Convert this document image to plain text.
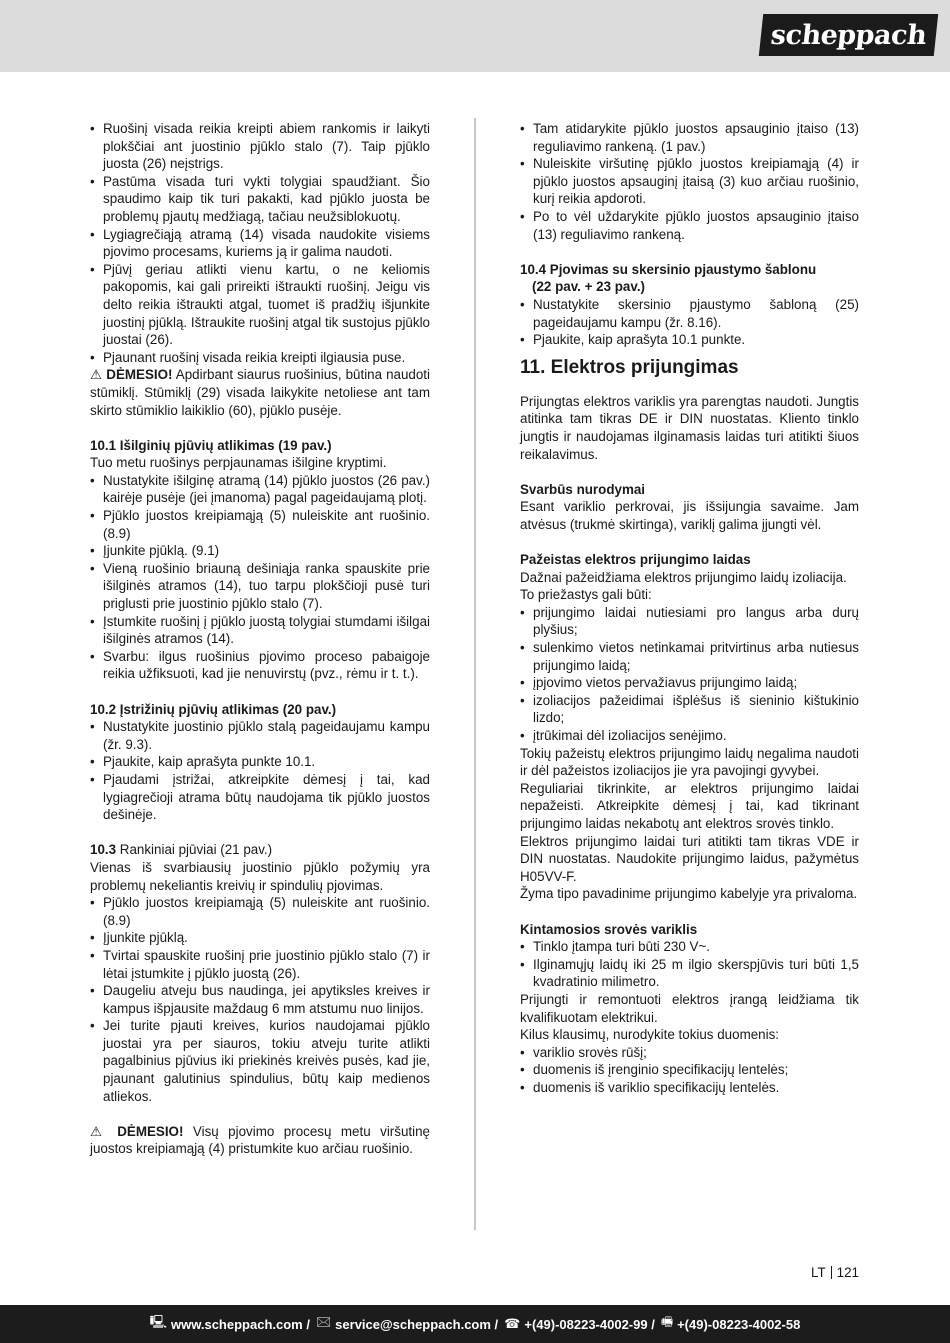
scheppach
• Ruošinį visada reikia kreipti abiem rankomis ir laikyti plokščiai ant juostinio pjūklo stalo (7). Taip pjūklo juosta (26) neįstrigs.
• Pastūma visada turi vykti tolygiai spaudžiant. Šio spaudimo kaip tik turi pakakti, kad pjūklo juosta be problemų pjautų medžiagą, tačiau neužsiblokuotų.
• Lygiagrečiąją atramą (14) visada naudokite visiems pjovimo procesams, kuriems ją ir galima naudoti.
• Pjūvį geriau atlikti vienu kartu, o ne keliomis pakopomis, kai gali prireikti ištraukti ruošinį. Jeigu vis delto reikia ištraukti atgal, tuomet iš pradžių išjunkite juostinį pjūklą. Ištraukite ruošinį atgal tik sustojus pjūklo juostai (26).
• Pjaunant ruošinį visada reikia kreipti ilgiausia puse.

⚠ DĖMESIO! Apdirbant siaurus ruošinius, būtina naudoti stūmiklį. Stūmiklį (29) visada laikykite netoliese ant tam skirto stūmiklio laikiklio (60), pjūklo pusėje.

10.1 Išilginių pjūvių atlikimas (19 pav.)

Tuo metu ruošinys perpjaunamas išilgine kryptimi.

• Nustatykite išilginę atramą (14) pjūklo juostos (26 pav.) kairėje pusėje (jei įmanoma) pagal pageidaujamą plotį.
• Pjūklo juostos kreipiamąją (5) nuleiskite ant ruošinio. (8.9)
• Įjunkite pjūklą. (9.1)
• Vieną ruošinio briauną dešiniąja ranka spauskite prie išilginės atramos (14), tuo tarpu plokščioji pusė turi priglusti prie juostinio pjūklo stalo (7).
• Įstumkite ruošinį į pjūklo juostą tolygiai stumdami išilgai išilginės atramos (14).
• Svarbu: ilgus ruošinius pjovimo proceso pabaigoje reikia užfiksuoti, kad jie nenuvirstų (pvz., rėmu ir t. t.).

10.2 Įstrižinių pjūvių atlikimas (20 pav.)

• Nustatykite juostinio pjūklo stalą pageidaujamu kampu (žr. 9.3).
• Pjaukite, kaip aprašyta punkte 10.1.
• Pjaudami įstrižai, atkreipkite dėmesį į tai, kad lygiagrečioji atrama būtų naudojama tik pjūklo juostos dešinėje.

10.3 Rankiniai pjūviai (21 pav.)

Vienas iš svarbiausių juostinio pjūklo požymių yra problemų nekeliantis kreivių ir spindulių pjovimas.

• Pjūklo juostos kreipiamąją (5) nuleiskite ant ruošinio. (8.9)
• Įjunkite pjūklą.
• Tvirtai spauskite ruošinį prie juostinio pjūklo stalo (7) ir lėtai įstumkite į pjūklo juostą (26).
• Daugeliu atveju bus naudinga, jei apytiksles kreives ir kampus išpjausite maždaug 6 mm atstumu nuo linijos.
• Jei turite pjauti kreives, kurios naudojamai pjūklo juostai yra per siauros, tokiu atveju turite atlikti pagalbinius pjūvius iki priekinės kreivės pusės, kad jie, pjaunant galutinius spindulius, būtų kaip medienos atliekos.

⚠ DĖMESIO! Visų pjovimo procesų metu viršutinę juostos kreipiamąją (4) pristumkite kuo arčiau ruošinio.

• Tam atidarykite pjūklo juostos apsauginio įtaiso (13) reguliavimo rankeną. (1 pav.)
• Nuleiskite viršutinę pjūklo juostos kreipiamąją (4) ir pjūklo juostos apsauginį įtaisą (3) kuo arčiau ruošinio, kurį reikia apdoroti.
• Po to vėl uždarykite pjūklo juostos apsauginio įtaiso (13) reguliavimo rankeną.

10.4 Pjovimas su skersinio pjaustymo šablonu

(22 pav. + 23 pav.)

• Nustatykite skersinio pjaustymo šabloną (25) pageidaujamu kampu (žr. 8.16).
• Pjaukite, kaip aprašyta 10.1 punkte.

11. Elektros prijungimas

Prijungtas elektros variklis yra parengtas naudoti. Jungtis atitinka tam tikras DE ir DIN nuostatas. Kliento tinklo jungtis ir naudojamas ilginamasis laidas turi atitikti šiuos reikalavimus.

Svarbūs nurodymai

Esant variklio perkrovai, jis išsijungia savaime. Jam atvėsus (trukmė skirtinga), variklį galima įjungti vėl.

Pažeistas elektros prijungimo laidas

Dažnai pažeidžiama elektros prijungimo laidų izoliacija.

To priežastys gali būti:

• prijungimo laidai nutiesiami pro langus arba durų plyšius;
• sulenkimo vietos netinkamai pritvirtinus arba nutiesus prijungimo laidą;
• įpjovimo vietos pervažiavus prijungimo laidą;
• izoliacijos pažeidimai išplėšus iš sieninio kištukinio lizdo;
• įtrūkimai dėl izoliacijos senėjimo.

Tokių pažeistų elektros prijungimo laidų negalima naudoti ir dėl pažeistos izoliacijos jie yra pavojingi gyvybei.

Reguliariai tikrinkite, ar elektros prijungimo laidai nepažeisti. Atkreipkite dėmesį į tai, kad tikrinant prijungimo laidas nekabotų ant elektros srovės tinklo.

Elektros prijungimo laidai turi atitikti tam tikras VDE ir DIN nuostatas. Naudokite prijungimo laidus, pažymėtus H05VV-F.

Žyma tipo pavadinime prijungimo kabelyje yra privaloma.

Kintamosios srovės variklis

• Tinklo įtampa turi būti 230 V~.
• Ilginamųjų laidų iki 25 m ilgio skerspjūvis turi būti 1,5 kvadratinio milimetro.

Prijungti ir remontuoti elektros įrangą leidžiama tik kvalifikuotam elektrikui.

Kilus klausimų, nurodykite tokius duomenis:

• variklio srovės rūšį;
• duomenis iš įrenginio specifikacijų lentelės;
• duomenis iš variklio specifikacijų lentelės.
LT 121
🖳 www.scheppach.com / 🖂 service@scheppach.com / ☎ +(49)-08223-4002-99 / 🖷 +(49)-08223-4002-58
